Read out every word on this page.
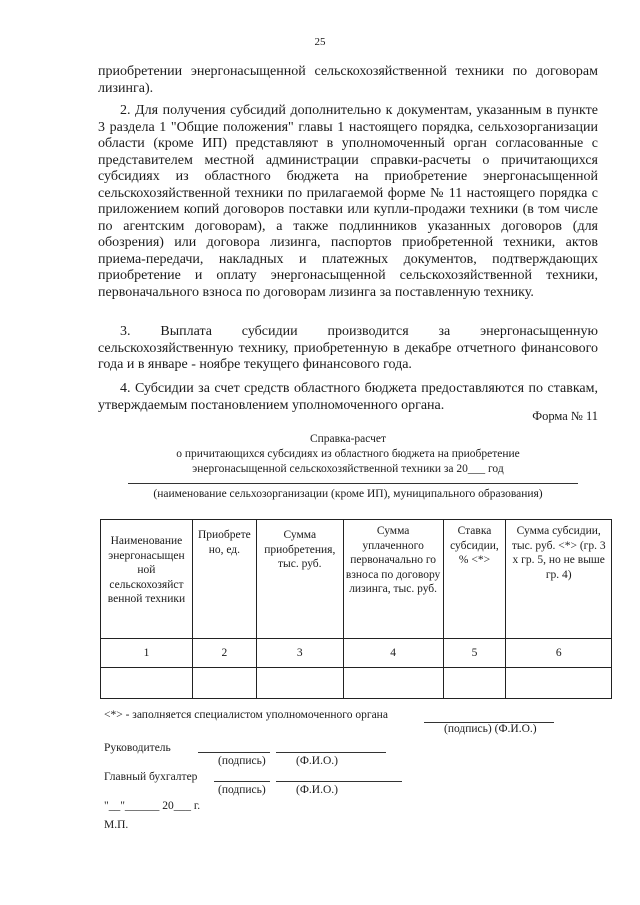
25

приобретении энергонасыщенной сельскохозяйственной техники по договорам лизинга).

2. Для получения субсидий дополнительно к документам, указанным в пункте 3 раздела 1 "Общие положения" главы 1 настоящего порядка, сельхозорганизации области (кроме ИП) представляют в уполномоченный орган согласованные с представителем местной администрации справки-расчеты о причитающихся субсидиях из областного бюджета на приобретение энергонасыщенной сельскохозяйственной техники по прилагаемой форме № 11 настоящего порядка с приложением копий договоров поставки или купли-продажи техники (в том числе по агентским договорам), а также подлинников указанных договоров (для обозрения) или договора лизинга, паспортов приобретенной техники, актов приема-передачи, накладных и платежных документов, подтверждающих приобретение и оплату энергонасыщенной сельскохозяйственной техники, первоначального взноса по договорам лизинга за поставленную технику.

3. Выплата субсидии производится за энергонасыщенную сельскохозяйственную технику, приобретенную в декабре отчетного финансового года и в январе - ноябре текущего финансового года.

4. Субсидии за счет средств областного бюджета предоставляются по ставкам, утверждаемым постановлением уполномоченного органа.

Форма № 11
Справка-расчет
о причитающихся субсидиях из областного бюджета на приобретение
энергонасыщенной сельскохозяйственной техники за 20___ год
(наименование сельхозорганизации (кроме ИП), муниципального образования)
Наименование энергонасыщен ной сельскохозяйст венной техники	Приобрете но, ед.	Сумма приобретения, тыс. руб.	Сумма уплаченного первоначально го взноса по договору лизинга, тыс. руб.	Ставка субсидии, % <*>	Сумма субсидии, тыс. руб. <*> (гр. 3 х гр. 5, но не выше гр. 4)
1	2	3	4	5	6

<*> - заполняется специалистом уполномоченного органа
(подпись) (Ф.И.О.)
Руководитель
(подпись)	(Ф.И.О.)
Главный бухгалтер
(подпись)	(Ф.И.О.)
"__"______ 20___ г.
М.П.
